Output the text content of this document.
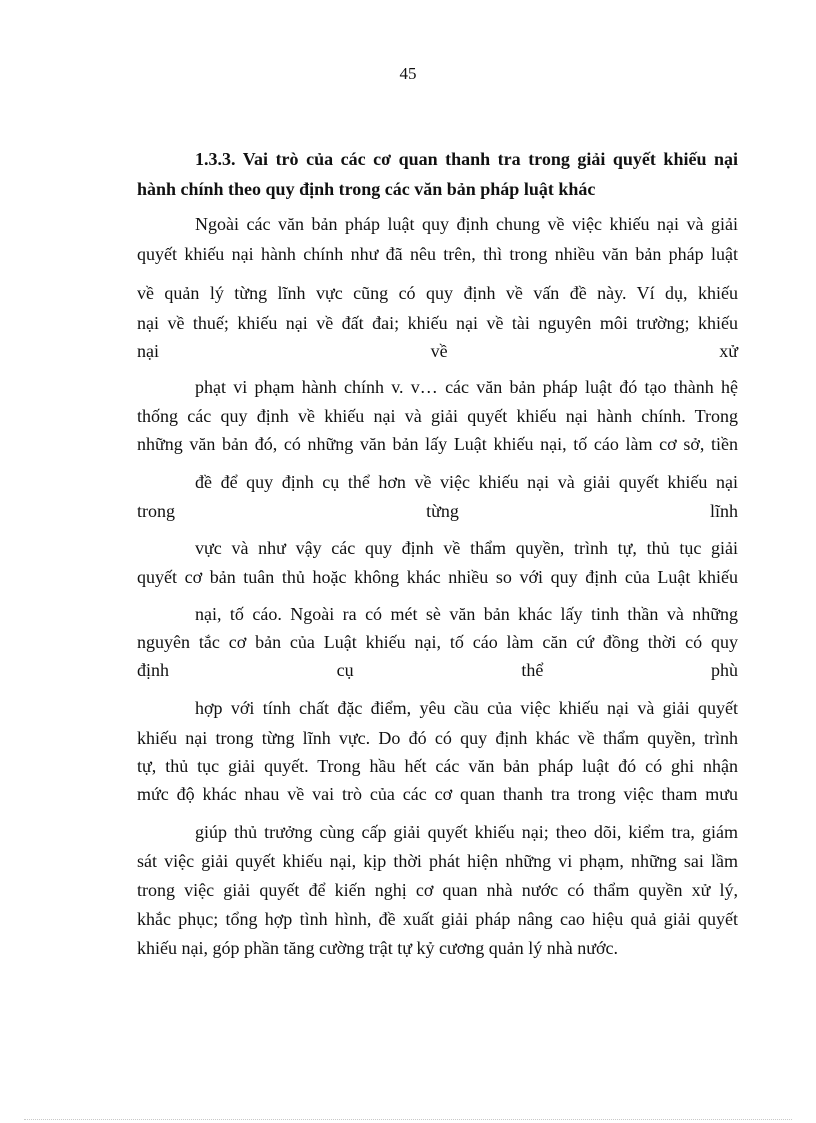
45
1.3.3. Vai trò của các cơ quan thanh tra trong giải quyết khiếu nại
hành chính theo quy định trong các văn bản pháp luật khác
Ngoài các văn bản pháp luật quy định chung về việc khiếu nại và giải
quyết khiếu nại hành chính như đã nêu trên, thì trong nhiều văn bản pháp luật
về quản lý từng lĩnh vực cũng có quy định về vấn đề này. Ví dụ, khiếu
nại về thuế; khiếu nại về đất đai; khiếu nại về tài nguyên môi trường; khiếu
nại về xử
phạt vi phạm hành chính v. v… các văn bản pháp luật đó tạo thành hệ
thống các quy định về khiếu nại và giải quyết khiếu nại hành chính. Trong
những văn bản đó, có những văn bản lấy Luật khiếu nại, tố cáo làm cơ sở, tiền
đề để quy định cụ thể hơn về việc khiếu nại và giải quyết khiếu nại
trong từng lĩnh
vực và như vậy các quy định về thẩm quyền, trình tự, thủ tục giải
quyết cơ bản tuân thủ hoặc không khác nhiều so với quy định của Luật khiếu
nại, tố cáo. Ngoài ra có mét sè văn bản khác lấy tinh thần và những
nguyên tắc cơ bản của Luật khiếu nại, tố cáo làm căn cứ đồng thời có quy
định cụ thể phù
hợp với tính chất đặc điểm, yêu cầu của việc khiếu nại và giải quyết
khiếu nại trong từng lĩnh vực. Do đó có quy định khác về thẩm quyền, trình
tự, thủ tục giải quyết. Trong hầu hết các văn bản pháp luật đó có ghi nhận
mức độ khác nhau về vai trò của các cơ quan thanh tra trong việc tham mưu
giúp thủ trưởng cùng cấp giải quyết khiếu nại; theo dõi, kiểm tra, giám
sát việc giải quyết khiếu nại, kịp thời phát hiện những vi phạm, những sai lầm
trong việc giải quyết để kiến nghị cơ quan nhà nước có thẩm quyền xử lý,
khắc phục; tổng hợp tình hình, đề xuất giải pháp nâng cao hiệu quả giải quyết
khiếu nại, góp phần tăng cường trật tự kỷ cương quản lý nhà nước.
